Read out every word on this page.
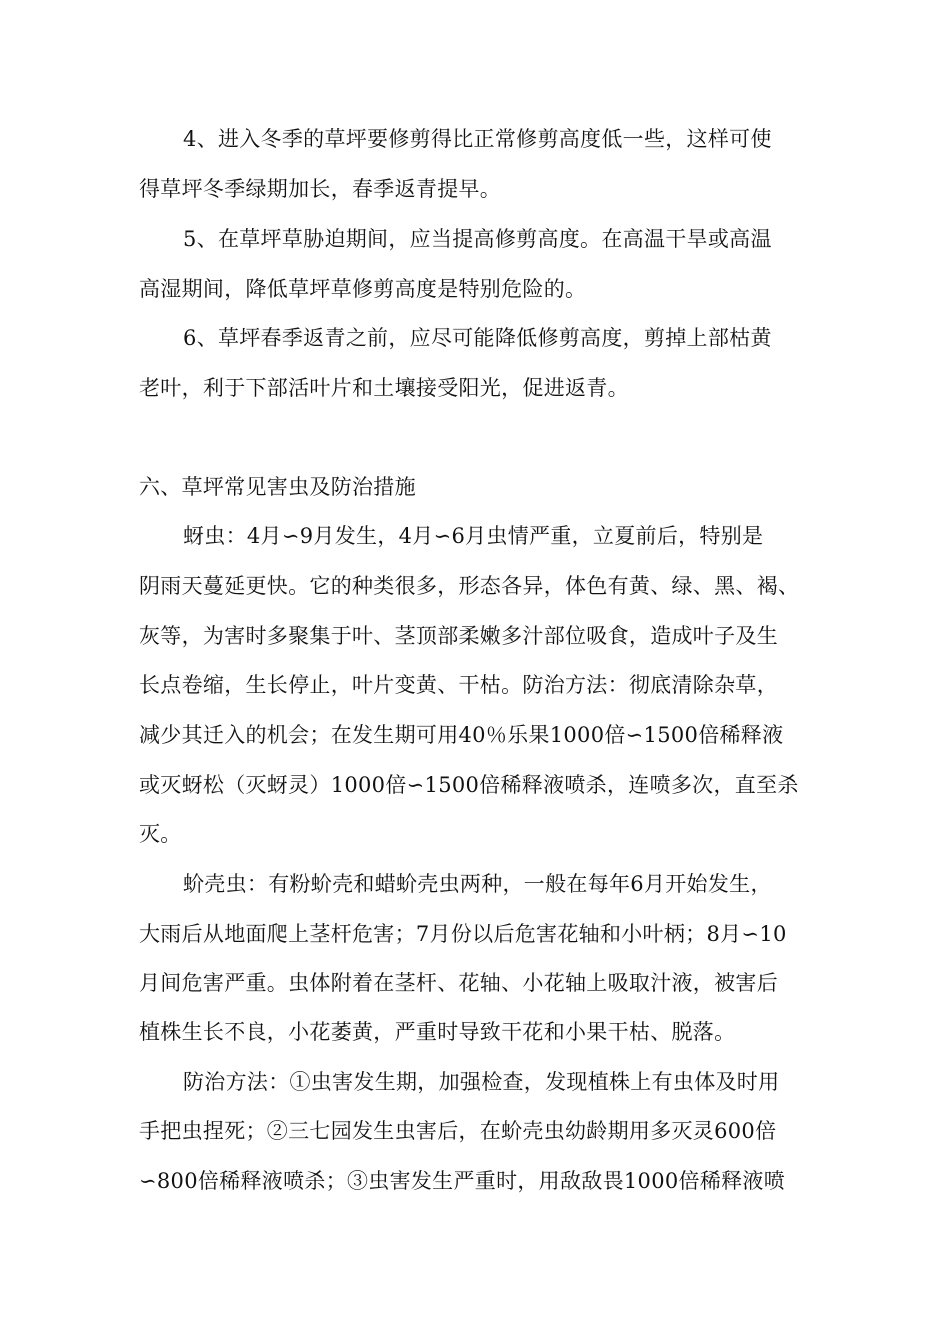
4、进入冬季的草坪要修剪得比正常修剪高度低一些，这样可使
得草坪冬季绿期加长，春季返青提早。
5、在草坪草胁迫期间，应当提高修剪高度。在高温干旱或高温
高湿期间，降低草坪草修剪高度是特别危险的。
6、草坪春季返青之前，应尽可能降低修剪高度，剪掉上部枯黄
老叶，利于下部活叶片和土壤接受阳光，促进返青。
六、草坪常见害虫及防治措施
蚜虫：4月∽9月发生，4月∽6月虫情严重，立夏前后，特别是
阴雨天蔓延更快。它的种类很多，形态各异，体色有黄、绿、黑、褐、
灰等，为害时多聚集于叶、茎顶部柔嫩多汁部位吸食，造成叶子及生
长点卷缩，生长停止，叶片变黄、干枯。防治方法：彻底清除杂草，
减少其迁入的机会；在发生期可用40％乐果1000倍∽1500倍稀释液
或灭蚜松（灭蚜灵）1000倍∽1500倍稀释液喷杀，连喷多次，直至杀
灭。
蚧壳虫：有粉蚧壳和蜡蚧壳虫两种，一般在每年6月开始发生，
大雨后从地面爬上茎杆危害；7月份以后危害花轴和小叶柄；8月∽10
月间危害严重。虫体附着在茎杆、花轴、小花轴上吸取汁液，被害后
植株生长不良，小花萎黄，严重时导致干花和小果干枯、脱落。
防治方法：①虫害发生期，加强检查，发现植株上有虫体及时用
手把虫捏死；②三七园发生虫害后，在蚧壳虫幼龄期用多灭灵600倍
∽800倍稀释液喷杀；③虫害发生严重时，用敌敌畏1000倍稀释液喷
